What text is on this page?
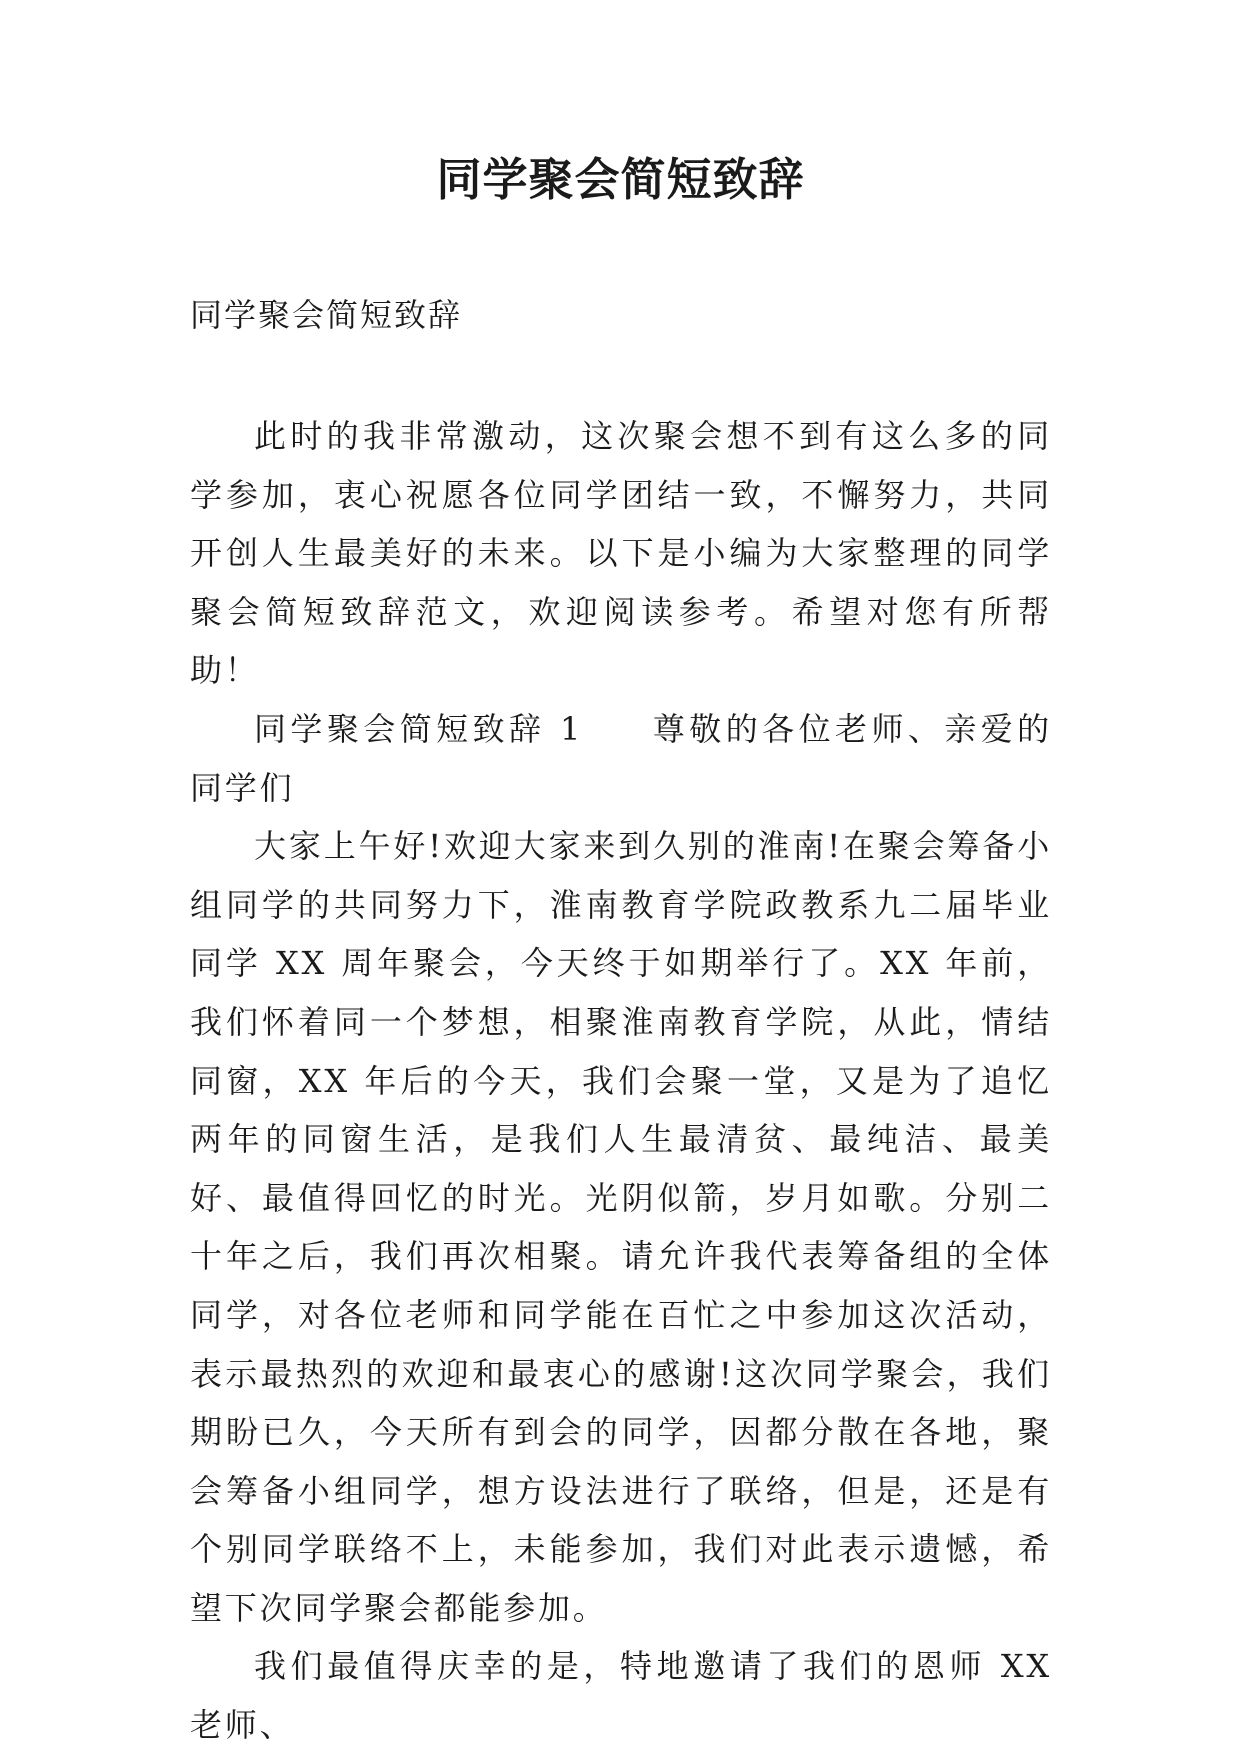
同学聚会简短致辞

同学聚会简短致辞

此时的我非常激动，这次聚会想不到有这么多的同学参加，衷心祝愿各位同学团结一致，不懈努力，共同开创人生最美好的未来。以下是小编为大家整理的同学聚会简短致辞范文，欢迎阅读参考。希望对您有所帮助！

同学聚会简短致辞 1 尊敬的各位老师、亲爱的同学们

大家上午好!欢迎大家来到久别的淮南!在聚会筹备小组同学的共同努力下，淮南教育学院政教系九二届毕业同学 XX 周年聚会，今天终于如期举行了。XX 年前，我们怀着同一个梦想，相聚淮南教育学院，从此，情结同窗，XX 年后的今天，我们会聚一堂，又是为了追忆两年的同窗生活，是我们人生最清贫、最纯洁、最美好、最值得回忆的时光。光阴似箭，岁月如歌。分别二十年之后，我们再次相聚。请允许我代表筹备组的全体同学，对各位老师和同学能在百忙之中参加这次活动，表示最热烈的欢迎和最衷心的感谢!这次同学聚会，我们期盼已久，今天所有到会的同学，因都分散在各地，聚会筹备小组同学，想方设法进行了联络，但是，还是有个别同学联络不上，未能参加，我们对此表示遗憾，希望下次同学聚会都能参加。

我们最值得庆幸的是，特地邀请了我们的恩师 XX 老师、
